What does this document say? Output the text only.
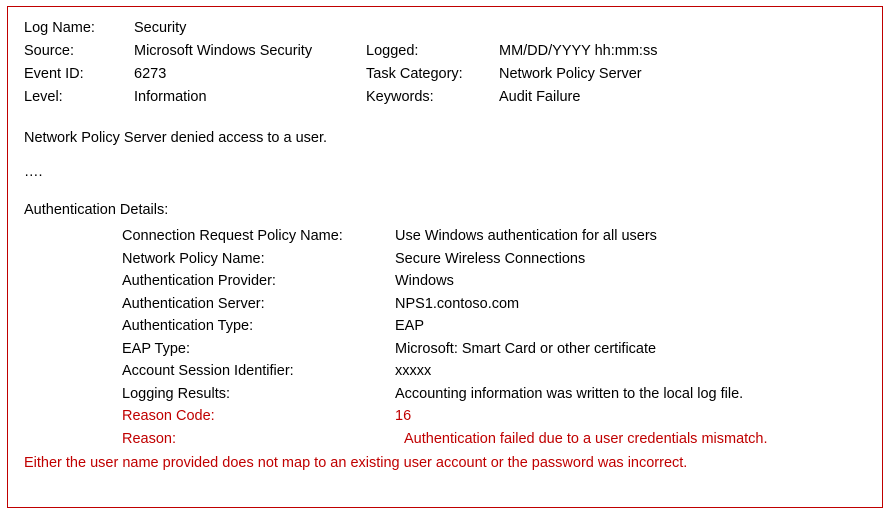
Log Name:	Security
Source:	Microsoft Windows Security	Logged:	MM/DD/YYYY hh:mm:ss
Event ID:	6273	Task Category:	Network Policy Server
Level:	Information	Keywords:	Audit Failure
Network Policy Server denied access to a user.
….
Authentication Details:
Connection Request Policy Name:	Use Windows authentication for all users
Network Policy Name:	Secure Wireless Connections
Authentication Provider:	Windows
Authentication Server:	NPS1.contoso.com
Authentication Type:	EAP
EAP Type:	Microsoft: Smart Card or other certificate
Account Session Identifier:	xxxxx
Logging Results:	Accounting information was written to the local log file.
Reason Code:	16
Reason:	Authentication failed due to a user credentials mismatch.
Either the user name provided does not map to an existing user account or the password was incorrect.
